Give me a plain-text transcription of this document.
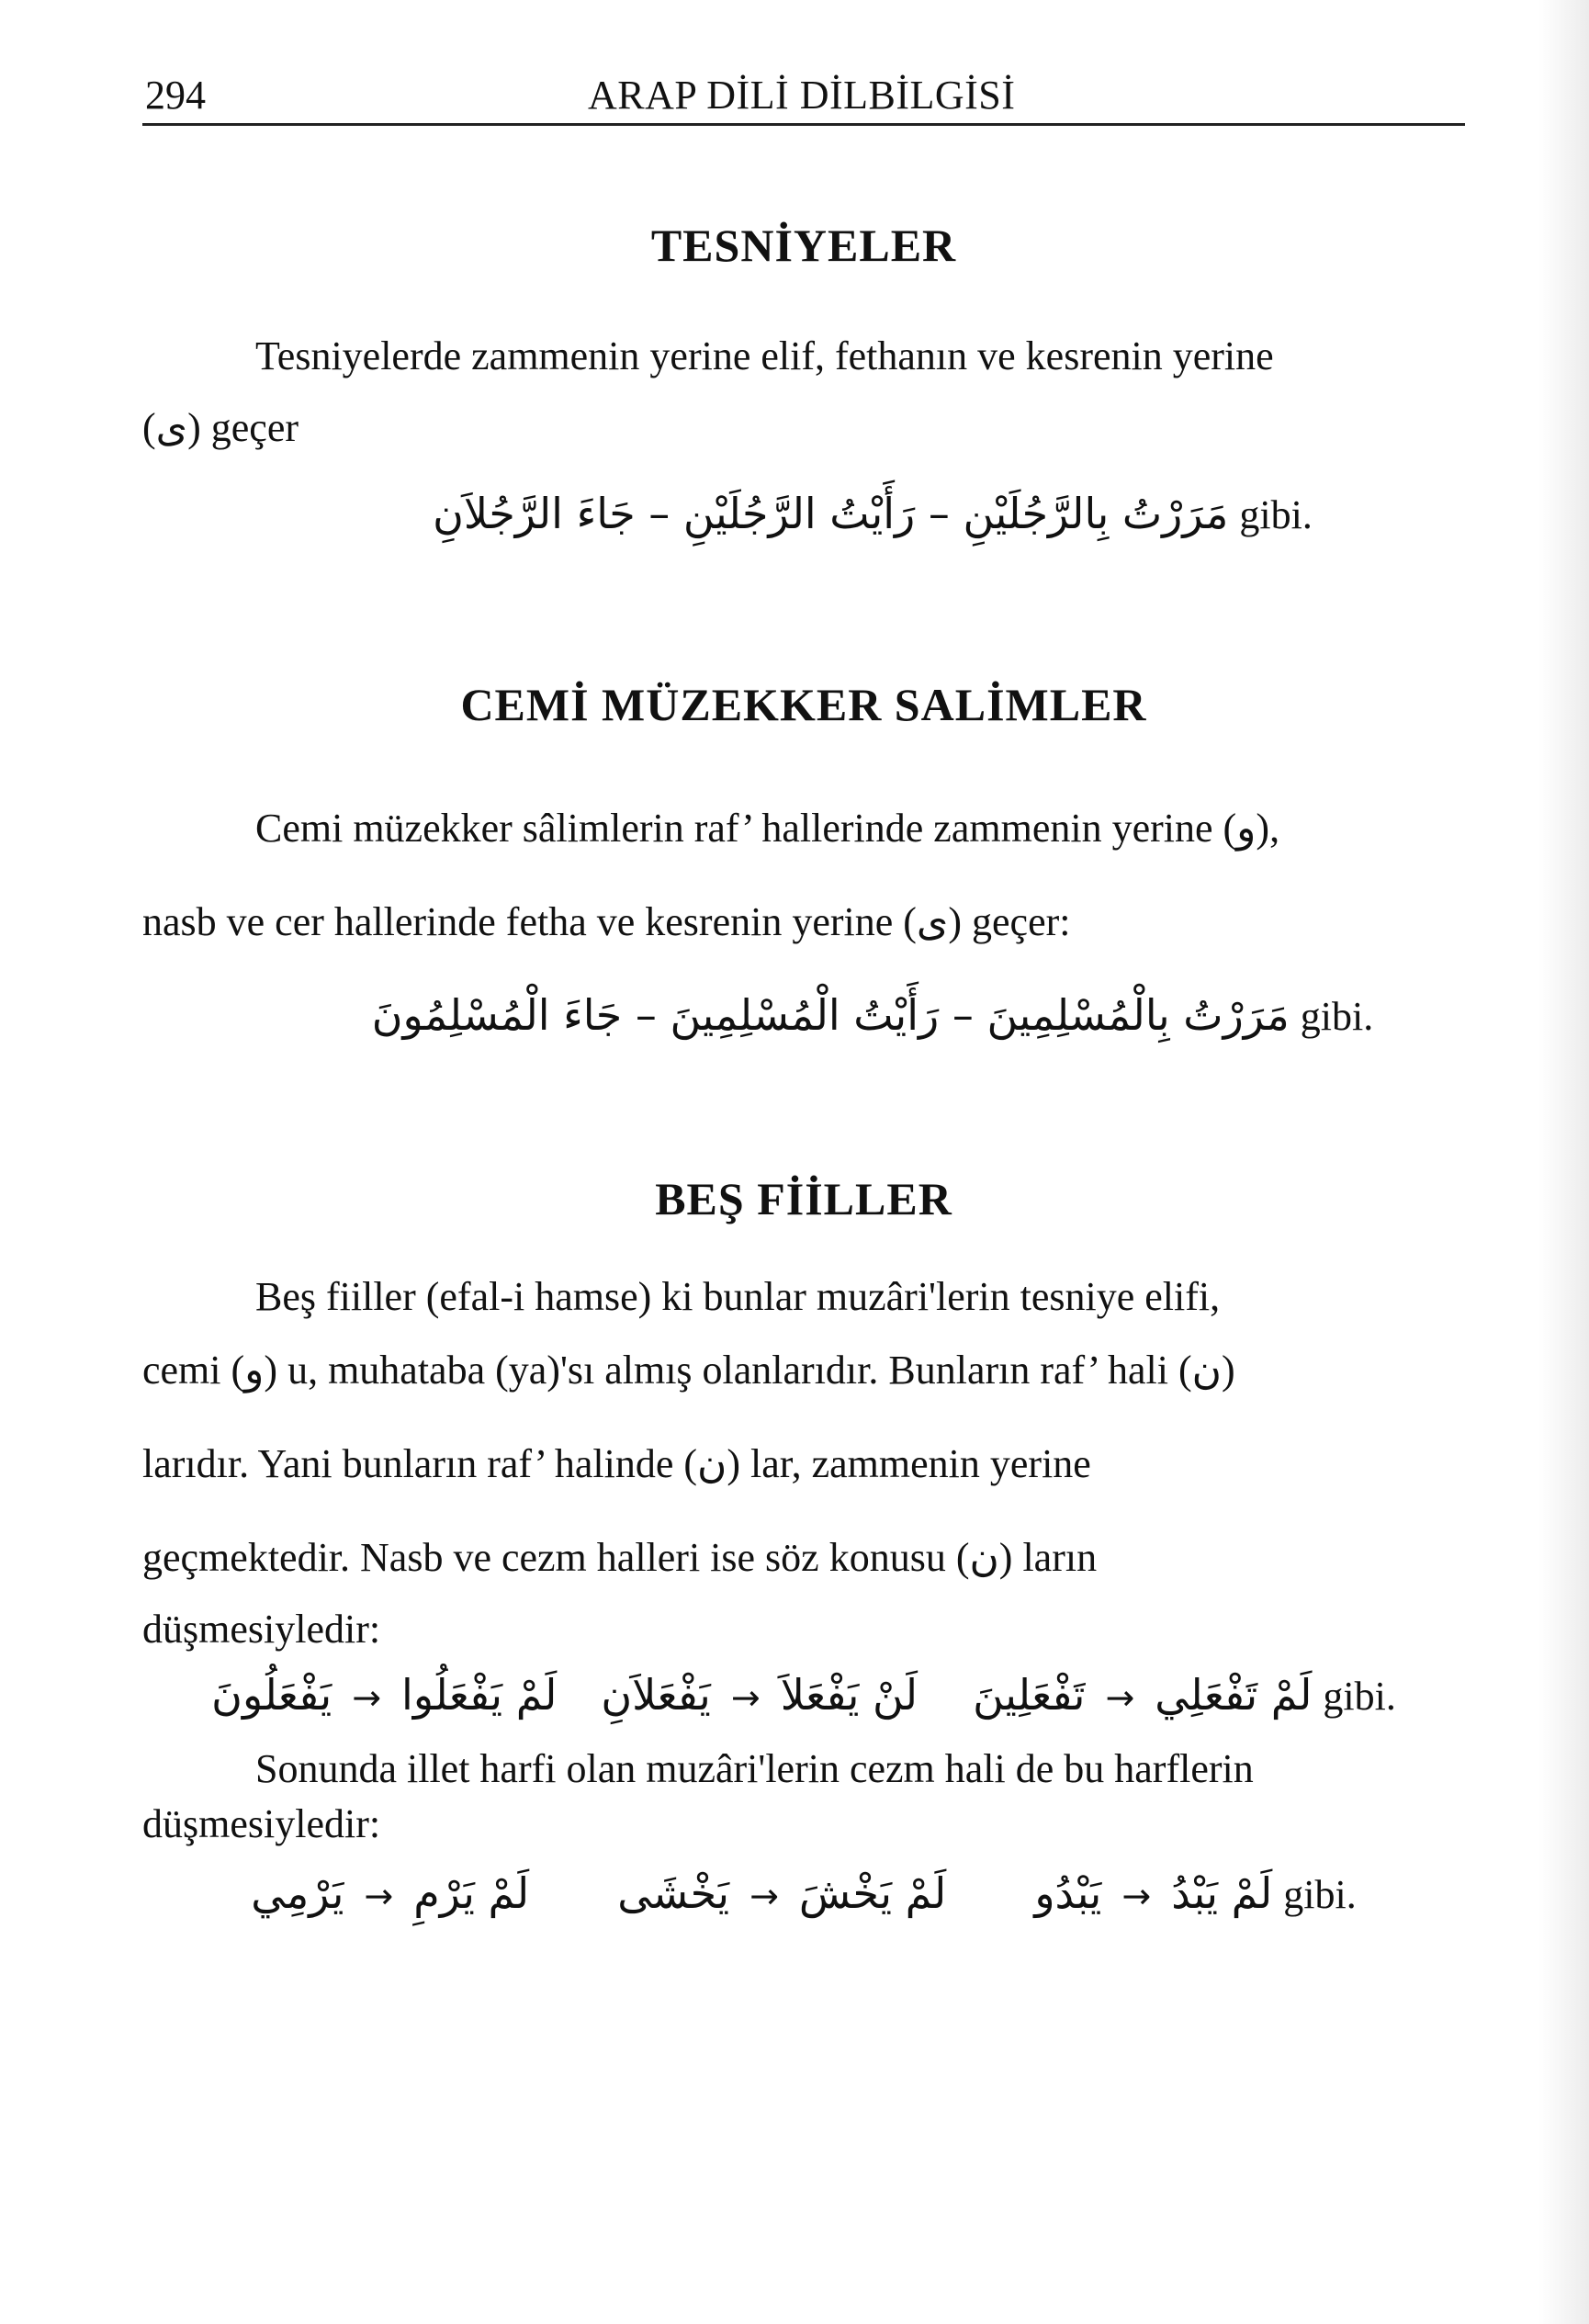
294	ARAP DİLİ DİLBİLGİSİ
TESNİYELER
Tesniyelerde zammenin yerine elif, fethanın ve kesrenin yerine
(ى) geçer
مَرَرْتُ بِالرَّجُلَيْنِ – رَأَيْتُ الرَّجُلَيْنِ – جَاءَ الرَّجُلاَنِ gibi.
CEMİ MÜZEKKER SALİMLER
Cemi müzekker sâlimlerin raf’ hallerinde zammenin yerine (و),
nasb ve cer hallerinde fetha ve kesrenin yerine (ى) geçer:
مَرَرْتُ بِالْمُسْلِمِينَ – رَأَيْتُ الْمُسْلِمِينَ – جَاءَ الْمُسْلِمُونَ gibi.
BEŞ FİİLLER
Beş fiiller (efal-i hamse) ki bunlar muzâri'lerin tesniye elifi,
cemi (و) u, muhataba (ya)'sı almış olanlarıdır. Bunların raf’ hali (ن)
larıdır. Yani bunların raf’ halinde (ن) lar, zammenin yerine
geçmektedir. Nasb ve cezm halleri ise söz konusu (ن) ların
düşmesiyledir:
يَفْعَلُونَ → لَمْ يَفْعَلُوا يَفْعَلاَنِ → لَنْ يَفْعَلاَ تَفْعَلِينَ → لَمْ تَفْعَلِي gibi.
Sonunda illet harfi olan muzâri'lerin cezm hali de bu harflerin
düşmesiyledir:
يَرْمِي → لَمْ يَرْمِ يَخْشَى → لَمْ يَخْشَ يَبْدُو → لَمْ يَبْدُ gibi.
